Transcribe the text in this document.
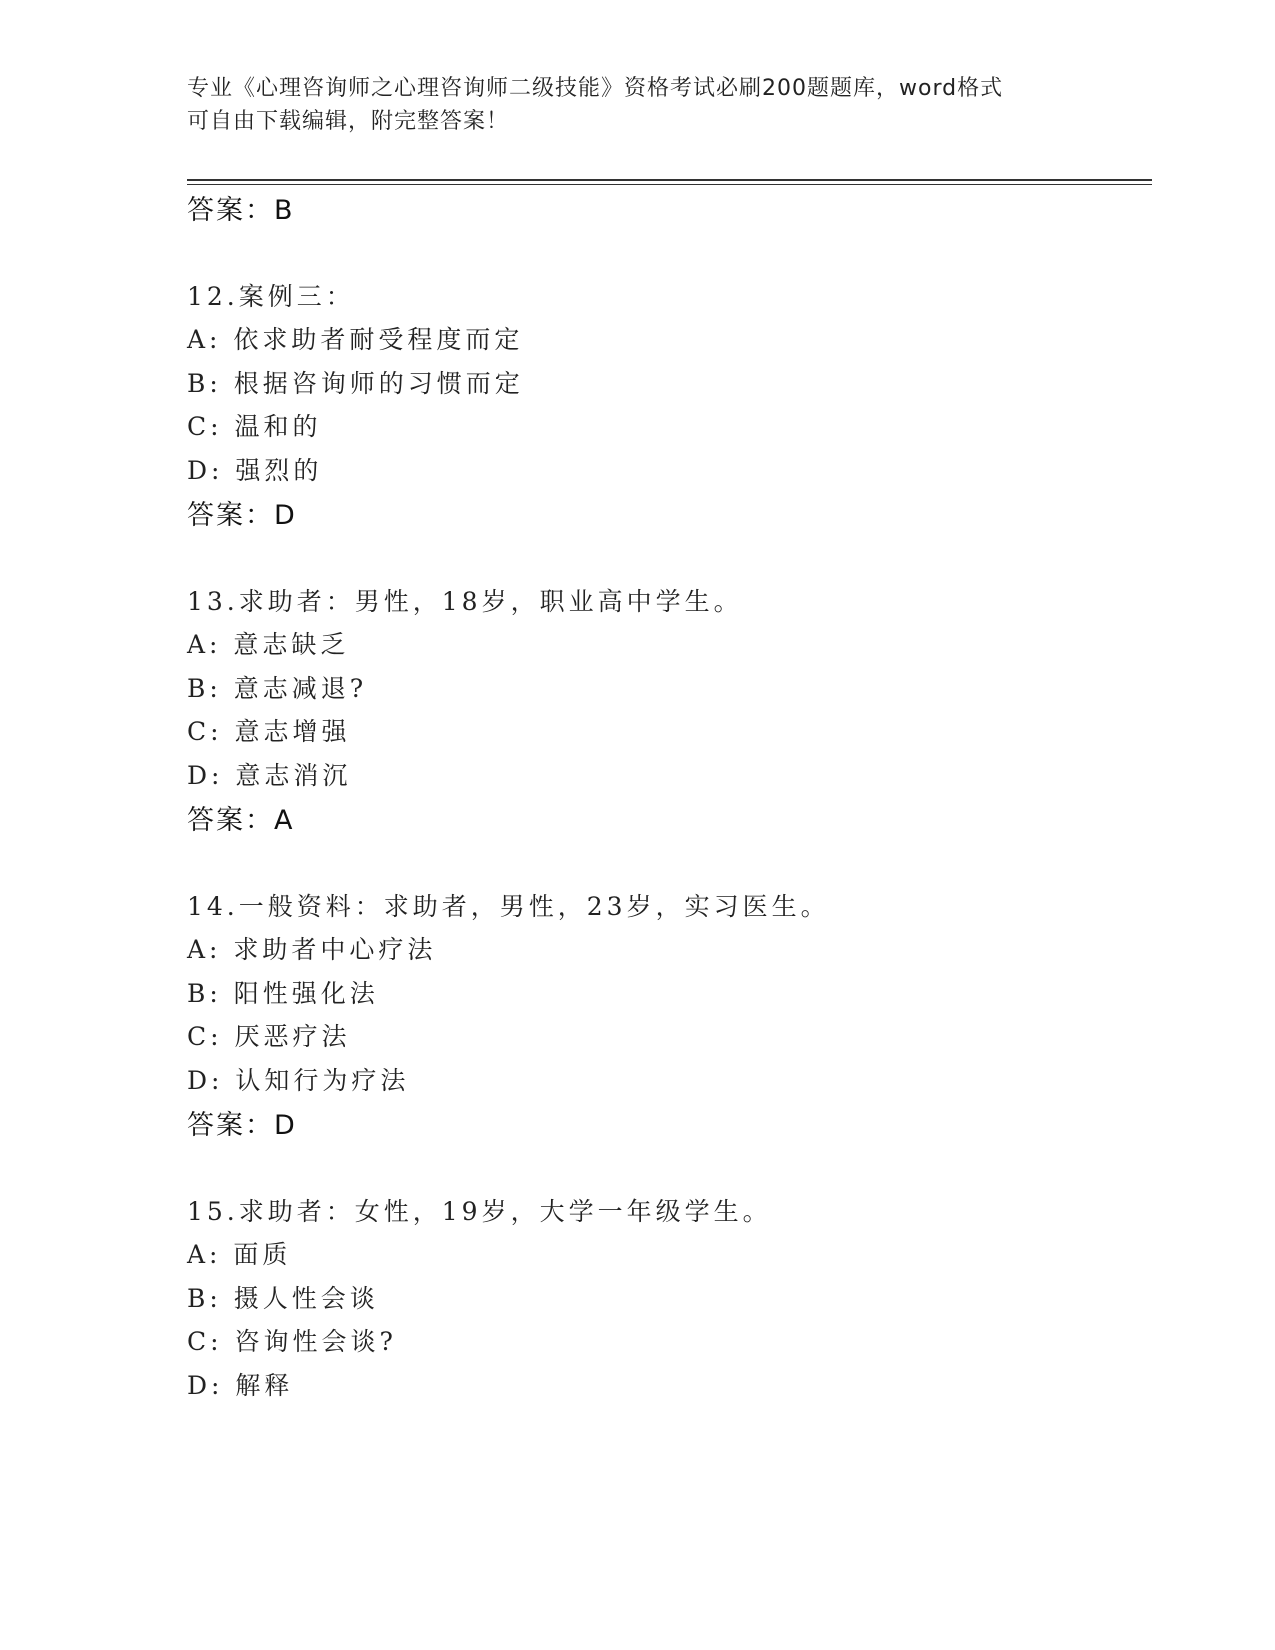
专业《心理咨询师之心理咨询师二级技能》资格考试必刷200题题库，word格式
可自由下载编辑，附完整答案！
答案：B
12.案例三：
A: 依求助者耐受程度而定
B: 根据咨询师的习惯而定
C: 温和的
D: 强烈的
答案：D
13.求助者：男性，18岁，职业高中学生。
A: 意志缺乏
B: 意志减退?
C: 意志增强
D: 意志消沉
答案：A
14.一般资料：求助者，男性，23岁，实习医生。
A: 求助者中心疗法
B: 阳性强化法
C: 厌恶疗法
D: 认知行为疗法
答案：D
15.求助者：女性，19岁，大学一年级学生。
A: 面质
B: 摄人性会谈
C: 咨询性会谈?
D: 解释
